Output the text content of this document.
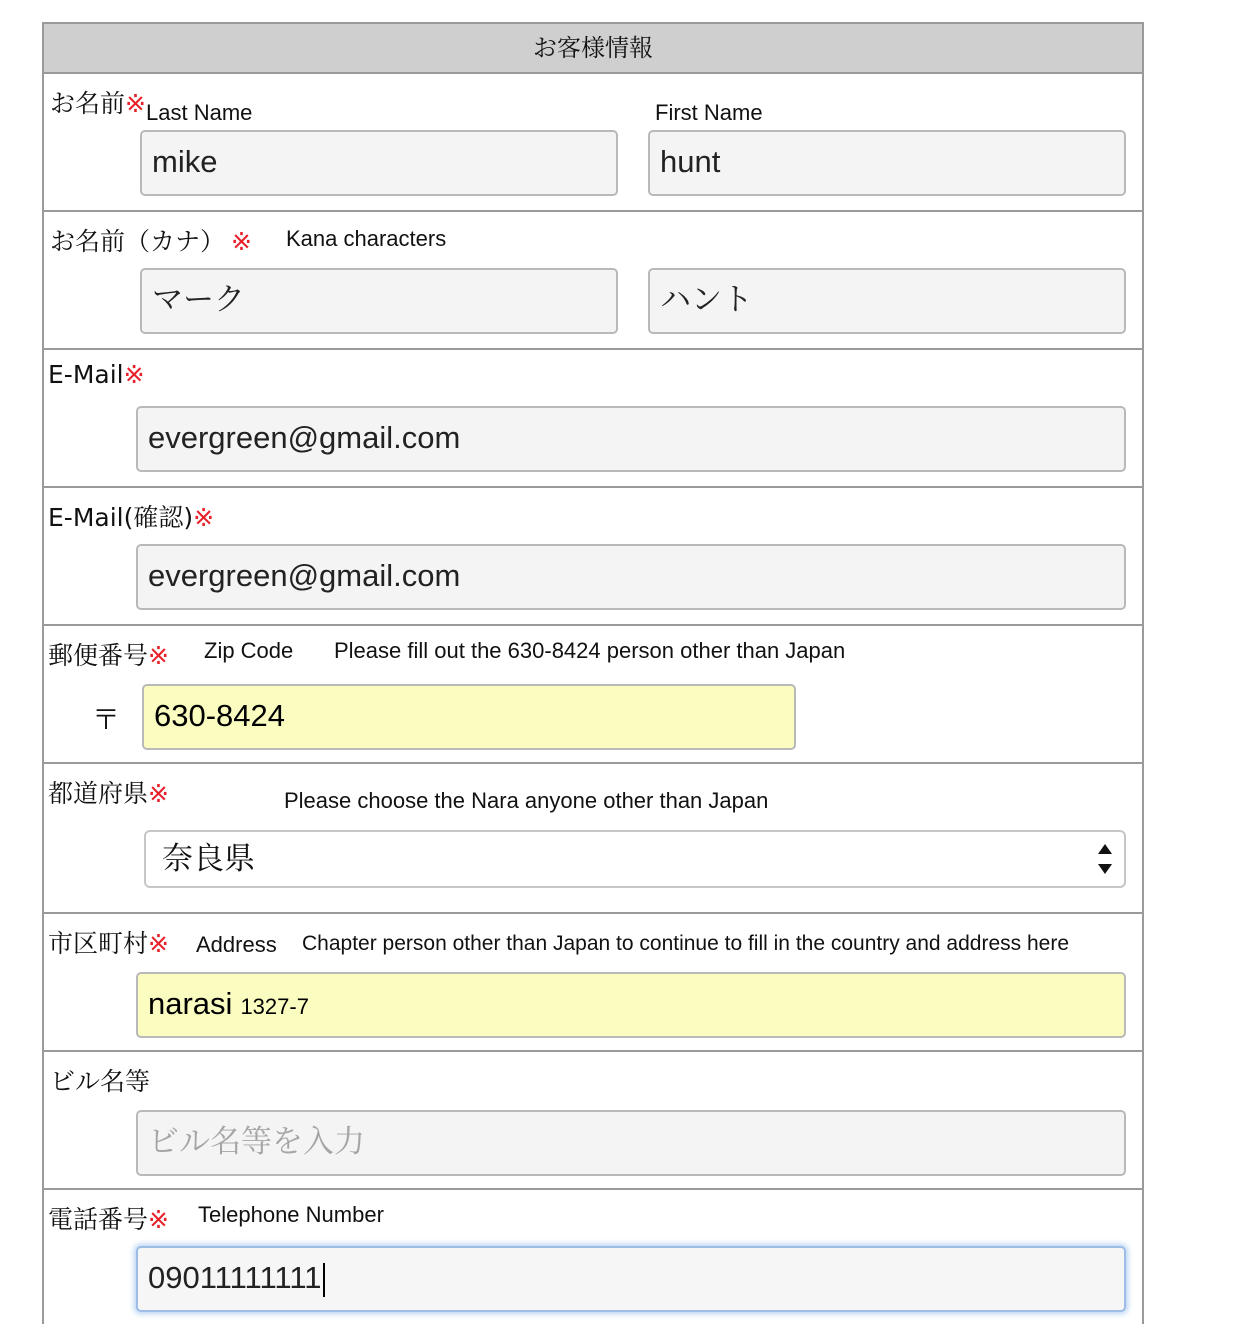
お客様情報
お名前※ Last Name	First Name
mike	hunt
お名前（カナ） ※ Kana characters
マーク	ハント
E-Mail※
evergreen@gmail.com
E-Mail(確認)※
evergreen@gmail.com
郵便番号※ Zip Code Please fill out the 630-8424 person other than Japan
〒	630-8424
都道府県※	Please choose the Nara anyone other than Japan
奈良県
市区町村※ Address Chapter person other than Japan to continue to fill in the country and address here
narasi 1327-7
ビル名等
ビル名等を入力
電話番号※ Telephone Number
09011111111
